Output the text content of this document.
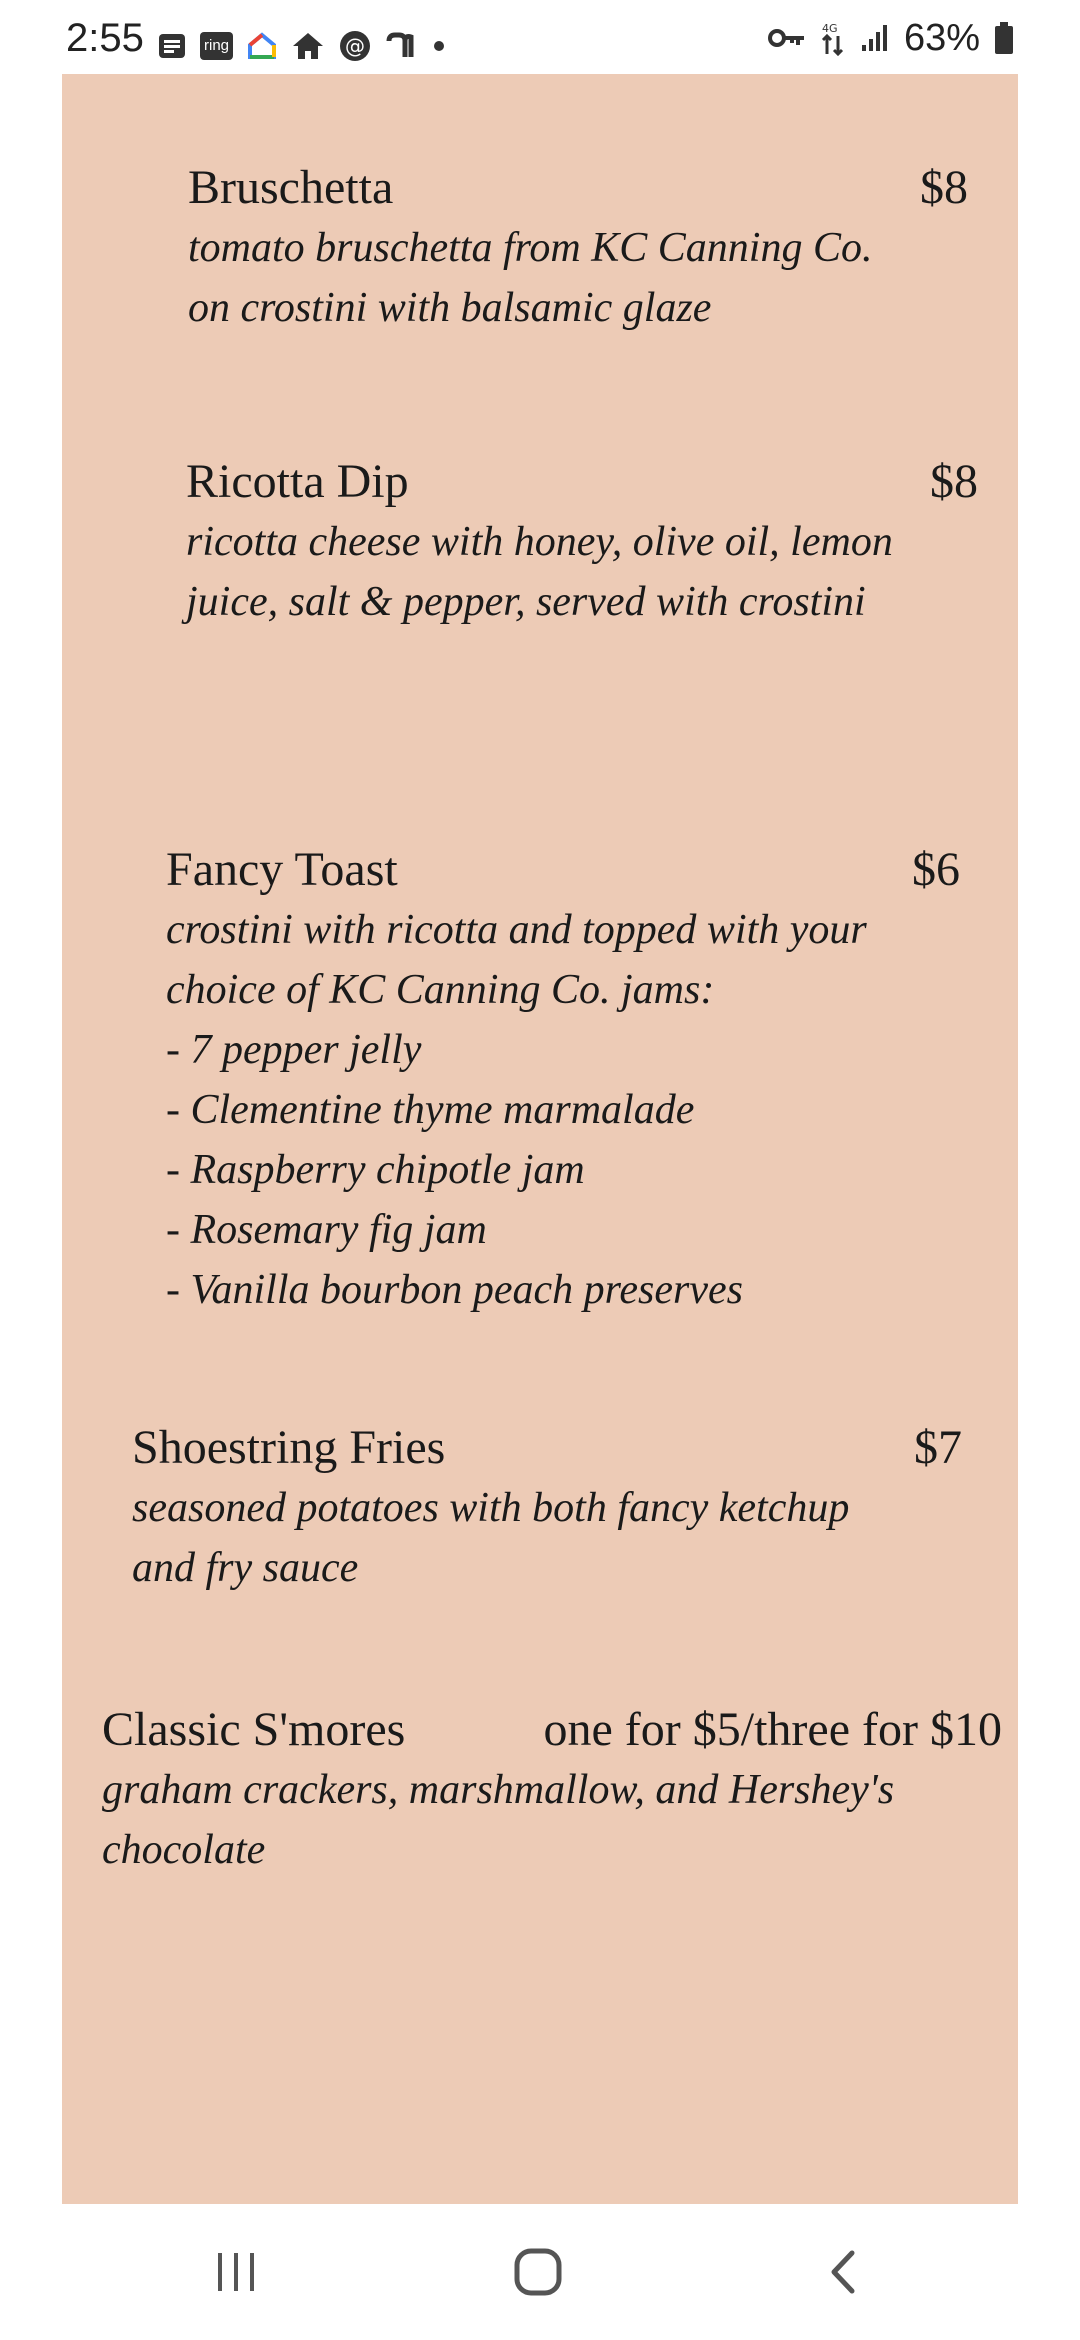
2:55	ring	@
4G 63%
Bruschetta	$8

tomato bruschetta from KC Canning Co.
on crostini with balsamic glaze

Ricotta Dip	$8

ricotta cheese with honey, olive oil, lemon
juice, salt & pepper, served with crostini

Fancy Toast	$6

crostini with ricotta and topped with your
choice of KC Canning Co. jams:
- 7 pepper jelly
- Clementine thyme marmalade
- Raspberry chipotle jam
- Rosemary fig jam
- Vanilla bourbon peach preserves

Shoestring Fries	$7

seasoned potatoes with both fancy ketchup
and fry sauce

Classic S'mores	one for $5/three for $10

graham crackers, marshmallow, and Hershey's
chocolate
